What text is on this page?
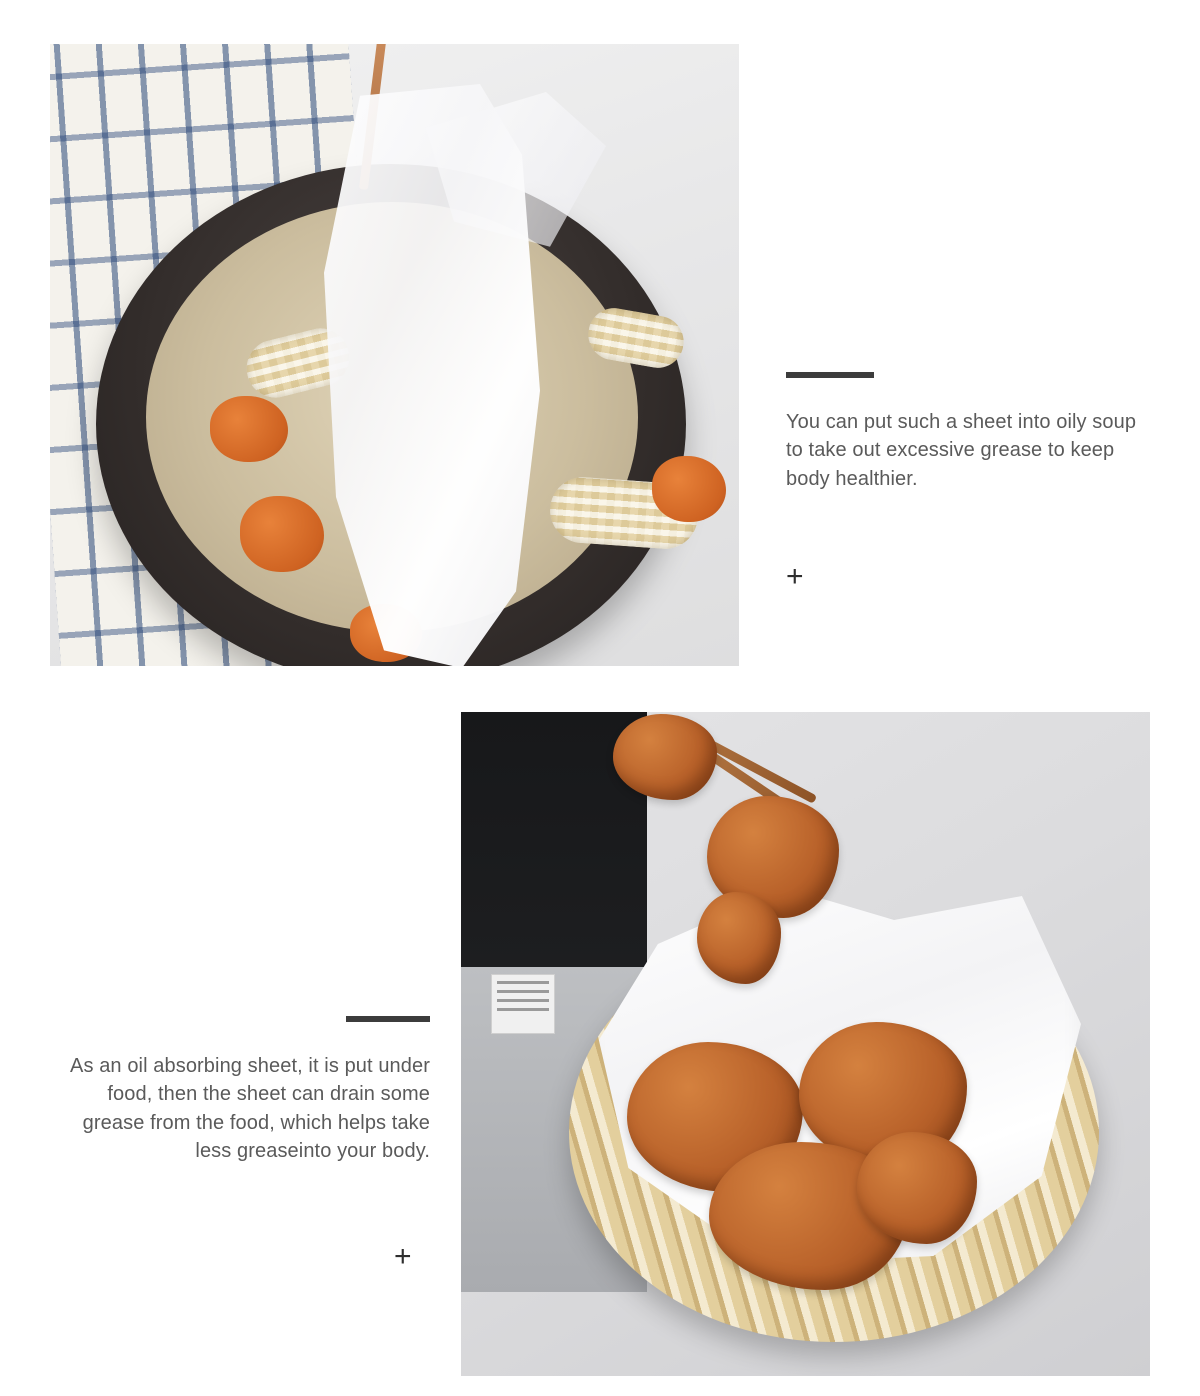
You can put such a sheet into oily soup to take out excessive grease to keep body healthier.
+
As an oil absorbing sheet, it is put under food, then the sheet can drain some grease from the food, which helps take less greaseinto your body.
+
